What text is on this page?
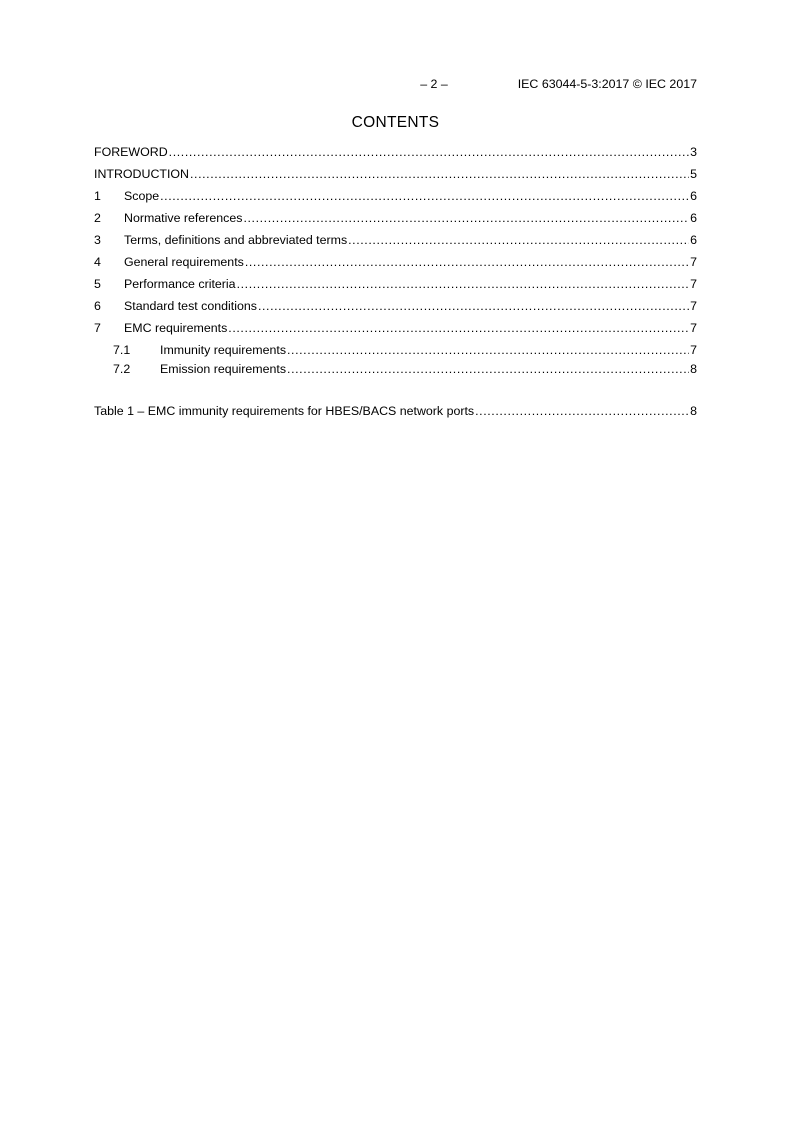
– 2 –	IEC 63044-5-3:2017 © IEC 2017
CONTENTS
FOREWORD .....	3
INTRODUCTION .....	5
1	Scope .....	6
2	Normative references .....	6
3	Terms, definitions and abbreviated terms .....	6
4	General requirements .....	7
5	Performance criteria .....	7
6	Standard test conditions .....	7
7	EMC requirements .....	7
7.1	Immunity requirements .....	7
7.2	Emission requirements .....	8
Table 1 – EMC immunity requirements for HBES/BACS network ports .....	8
